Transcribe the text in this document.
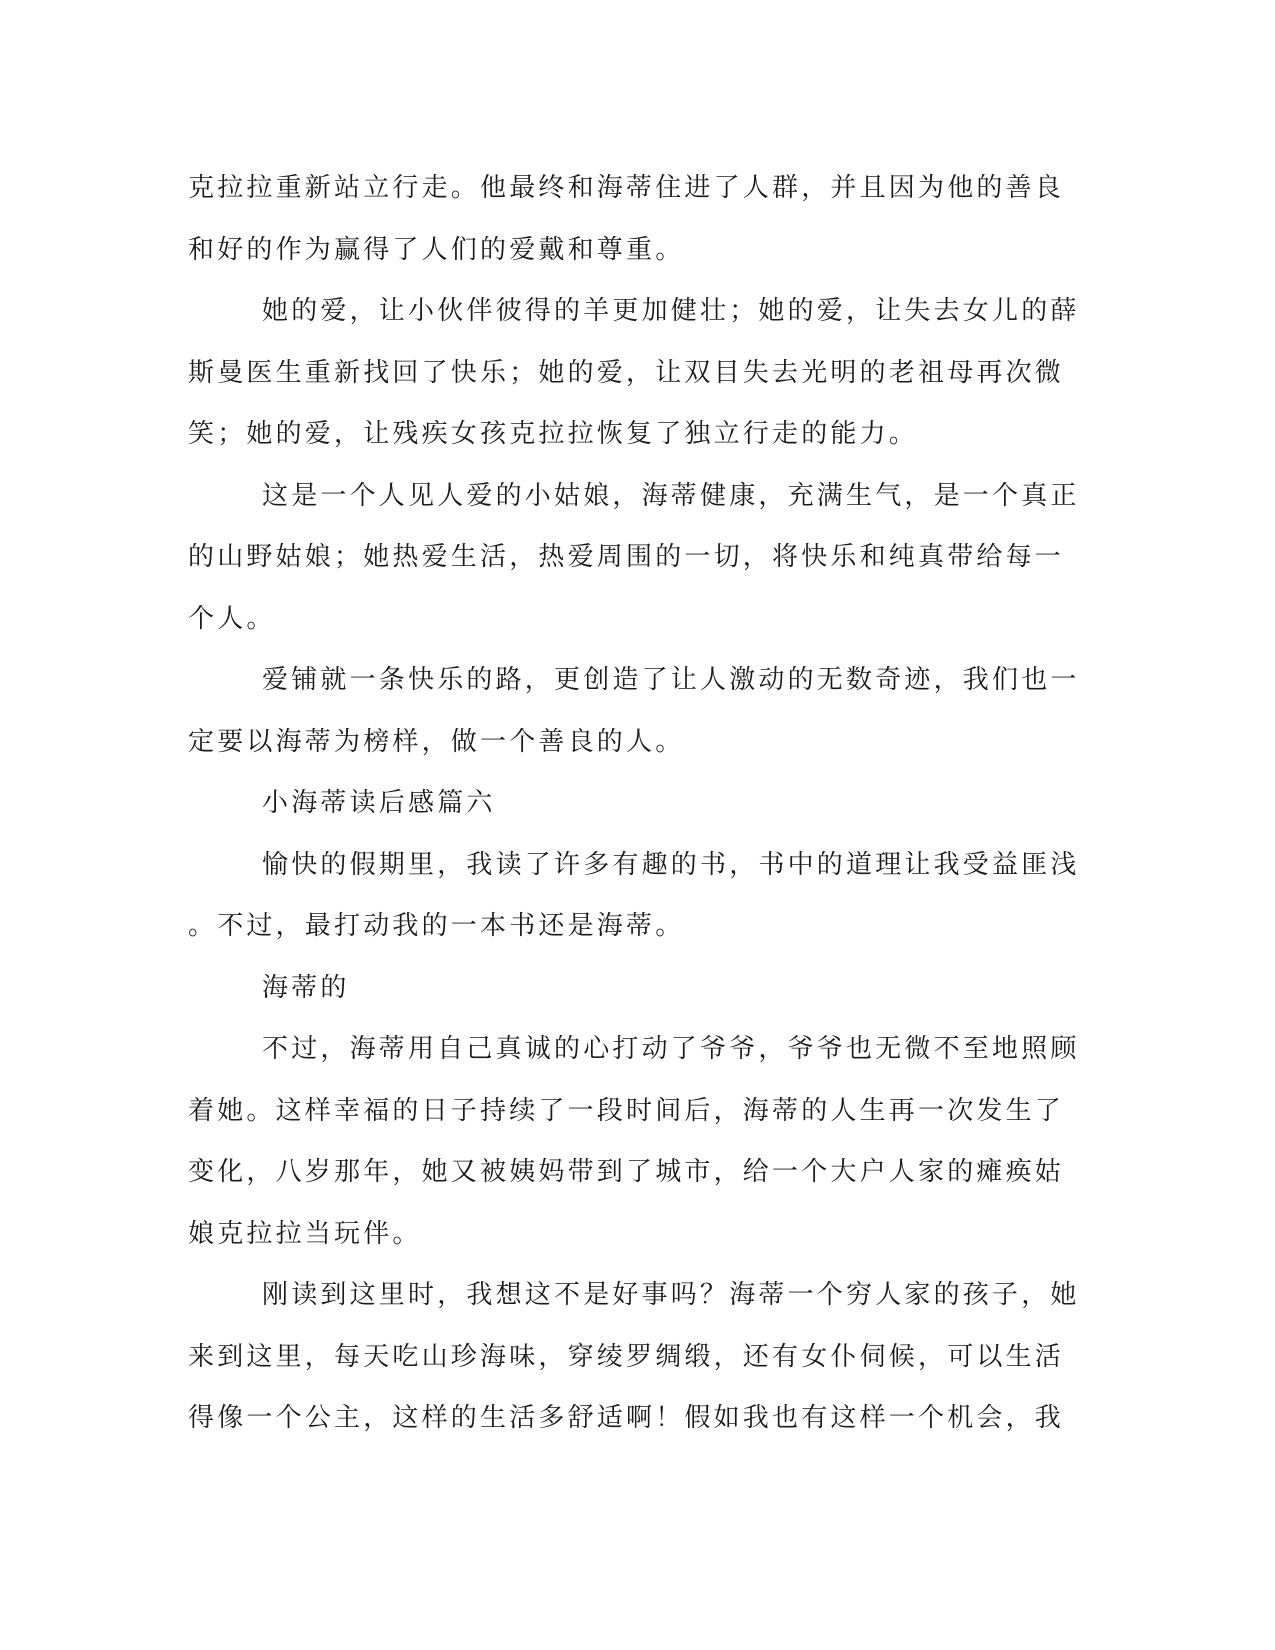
克拉拉重新站立行走。他最终和海蒂住进了人群，并且因为他的善良
和好的作为赢得了人们的爱戴和尊重。
她的爱，让小伙伴彼得的羊更加健壮；她的爱，让失去女儿的薛
斯曼医生重新找回了快乐；她的爱，让双目失去光明的老祖母再次微
笑；她的爱，让残疾女孩克拉拉恢复了独立行走的能力。
这是一个人见人爱的小姑娘，海蒂健康，充满生气，是一个真正
的山野姑娘；她热爱生活，热爱周围的一切，将快乐和纯真带给每一
个人。
爱铺就一条快乐的路，更创造了让人激动的无数奇迹，我们也一
定要以海蒂为榜样，做一个善良的人。
小海蒂读后感篇六
愉快的假期里，我读了许多有趣的书，书中的道理让我受益匪浅
。不过，最打动我的一本书还是海蒂。
海蒂的
不过，海蒂用自己真诚的心打动了爷爷，爷爷也无微不至地照顾
着她。这样幸福的日子持续了一段时间后，海蒂的人生再一次发生了
变化，八岁那年，她又被姨妈带到了城市，给一个大户人家的瘫痪姑
娘克拉拉当玩伴。
刚读到这里时，我想这不是好事吗？海蒂一个穷人家的孩子，她
来到这里，每天吃山珍海味，穿绫罗绸缎，还有女仆伺候，可以生活
得像一个公主，这样的生活多舒适啊！假如我也有这样一个机会，我
